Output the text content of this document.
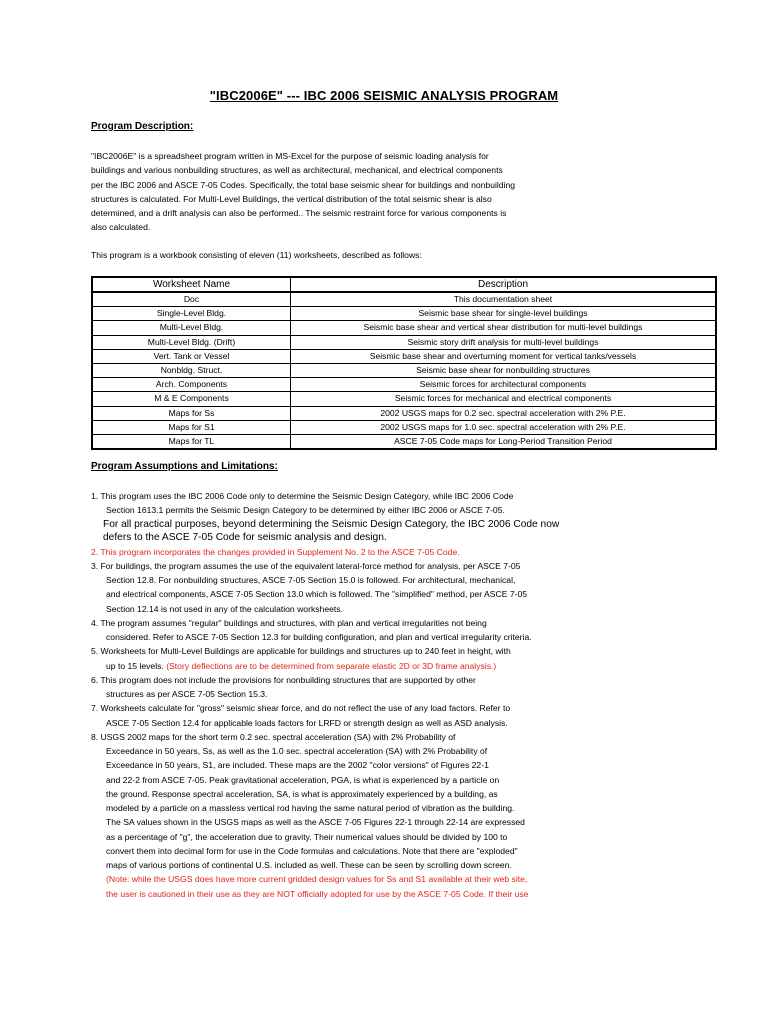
"IBC2006E" --- IBC 2006 SEISMIC ANALYSIS PROGRAM
Program Description:
"IBC2006E" is a spreadsheet program written in MS-Excel for the purpose of seismic loading analysis for
buildings and various nonbuilding structures, as well as architectural, mechanical, and electrical components
per the IBC 2006 and ASCE 7-05 Codes. Specifically, the total base seismic shear for buildings and nonbuilding
structures is calculated. For Multi-Level Buildings, the vertical distribution of the total seismic shear is also
determined, and a drift analysis can also be performed.. The seismic restraint force for various components is
also calculated.
This program is a workbook consisting of eleven (11) worksheets, described as follows:
Worksheet Name	Description
Doc	This documentation sheet
Single-Level Bldg.	Seismic base shear for single-level buildings
Multi-Level Bldg.	Seismic base shear and vertical shear distribution for multi-level buildings
Multi-Level Bldg. (Drift)	Seismic story drift analysis for multi-level buildings
Vert. Tank or Vessel	Seismic base shear and overturning moment for vertical tanks/vessels
Nonbldg. Struct.	Seismic base shear for nonbuilding structures
Arch. Components	Seismic forces for architectural components
M & E Components	Seismic forces for mechanical and electrical components
Maps for Ss	2002 USGS maps for 0.2 sec. spectral acceleration with 2% P.E.
Maps for S1	2002 USGS maps for 1.0 sec. spectral acceleration with 2% P.E.
Maps for TL	ASCE 7-05 Code maps for Long-Period Transition Period
Program Assumptions and Limitations:
1. This program uses the IBC 2006 Code only to determine the Seismic Design Category, while IBC 2006 Code
Section 1613.1 permits the Seismic Design Category to be determined by either IBC 2006 or ASCE 7-05.
For all practical purposes, beyond determining the Seismic Design Category, the IBC 2006 Code now
defers to the ASCE 7-05 Code for seismic analysis and design.
2. This program incorporates the changes provided in Supplement No. 2 to the ASCE 7-05 Code.
3. For buildings, the program assumes the use of the equivalent lateral-force method for analysis, per ASCE 7-05
Section 12.8. For nonbuilding structures, ASCE 7-05 Section 15.0 is followed. For architectural, mechanical,
and electrical components, ASCE 7-05 Section 13.0 which is followed. The "simplified" method, per ASCE 7-05
Section 12.14 is not used in any of the calculation worksheets.
4. The program assumes "regular" buildings and structures, with plan and vertical irregularities not being
considered. Refer to ASCE 7-05 Section 12.3 for building configuration, and plan and vertical irregularity criteria.
5. Worksheets for Multi-Level Buildings are applicable for buildings and structures up to 240 feet in height, with
up to 15 levels. (Story deflections are to be determined from separate elastic 2D or 3D frame analysis.)
6. This program does not include the provisions for nonbuilding structures that are supported by other
structures as per ASCE 7-05 Section 15.3.
7. Worksheets calculate for "gross" seismic shear force, and do not reflect the use of any load factors. Refer to
ASCE 7-05 Section 12.4 for applicable loads factors for LRFD or strength design as well as ASD analysis.
8. USGS 2002 maps for the short term 0.2 sec. spectral acceleration (SA) with 2% Probability of
Exceedance in 50 years, Ss, as well as the 1.0 sec. spectral acceleration (SA) with 2% Probability of
Exceedance in 50 years, S1, are included. These maps are the 2002 "color versions" of Figures 22-1
and 22-2 from ASCE 7-05. Peak gravitational acceleration, PGA, is what is experienced by a particle on
the ground. Response spectral acceleration, SA, is what is approximately experienced by a building, as
modeled by a particle on a massless vertical rod having the same natural period of vibration as the building.
The SA values shown in the USGS maps as well as the ASCE 7-05 Figures 22-1 through 22-14 are expressed
as a percentage of "g", the acceleration due to gravity. Their numerical values should be divided by 100 to
convert them into decimal form for use in the Code formulas and calculations. Note that there are "exploded"
maps of various portions of continental U.S. included as well. These can be seen by scrolling down screen.
(Note: while the USGS does have more current gridded design values for Ss and S1 available at their web site,
the user is cautioned in their use as they are NOT officially adopted for use by the ASCE 7-05 Code. If their use
